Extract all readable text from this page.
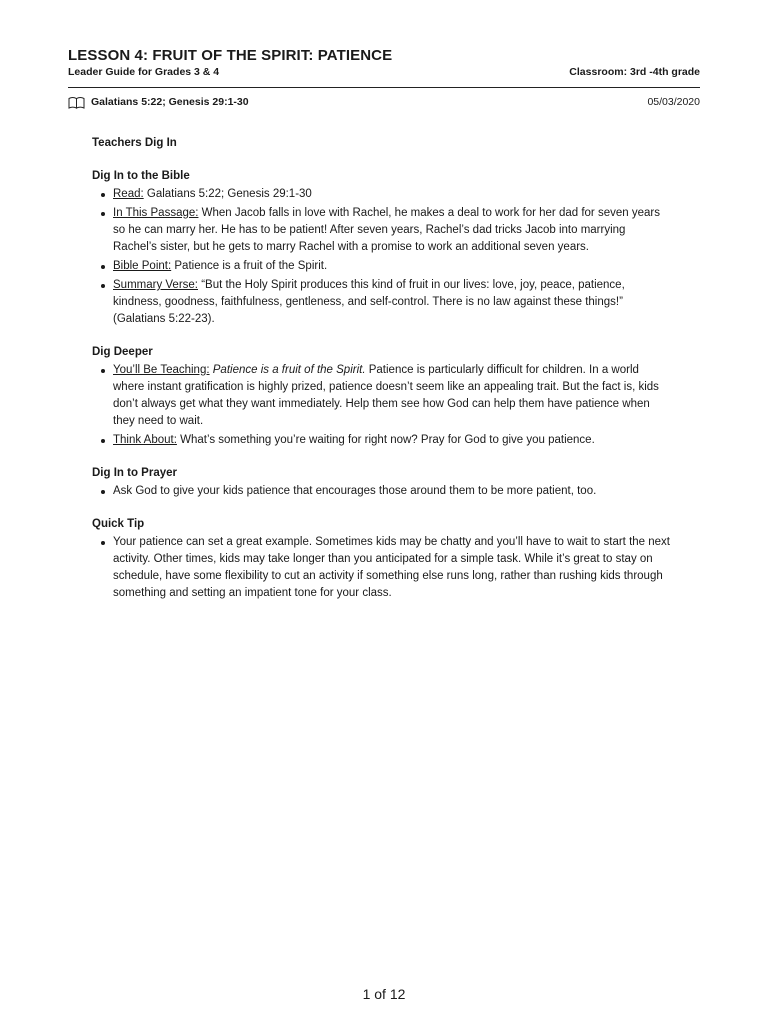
LESSON 4: FRUIT OF THE SPIRIT: PATIENCE
Leader Guide for Grades 3 & 4	Classroom: 3rd -4th grade
Galatians 5:22; Genesis 29:1-30	05/03/2020
Teachers Dig In
Dig In to the Bible
Read: Galatians 5:22; Genesis 29:1-30
In This Passage: When Jacob falls in love with Rachel, he makes a deal to work for her dad for seven years so he can marry her. He has to be patient! After seven years, Rachel’s dad tricks Jacob into marrying Rachel’s sister, but he gets to marry Rachel with a promise to work an additional seven years.
Bible Point: Patience is a fruit of the Spirit.
Summary Verse: “But the Holy Spirit produces this kind of fruit in our lives: love, joy, peace, patience, kindness, goodness, faithfulness, gentleness, and self-control. There is no law against these things!” (Galatians 5:22-23).
Dig Deeper
You’ll Be Teaching: Patience is a fruit of the Spirit. Patience is particularly difficult for children. In a world where instant gratification is highly prized, patience doesn’t seem like an appealing trait. But the fact is, kids don’t always get what they want immediately. Help them see how God can help them have patience when they need to wait.
Think About: What’s something you’re waiting for right now? Pray for God to give you patience.
Dig In to Prayer
Ask God to give your kids patience that encourages those around them to be more patient, too.
Quick Tip
Your patience can set a great example. Sometimes kids may be chatty and you’ll have to wait to start the next activity. Other times, kids may take longer than you anticipated for a simple task. While it’s great to stay on schedule, have some flexibility to cut an activity if something else runs long, rather than rushing kids through something and setting an impatient tone for your class.
1 of 12
